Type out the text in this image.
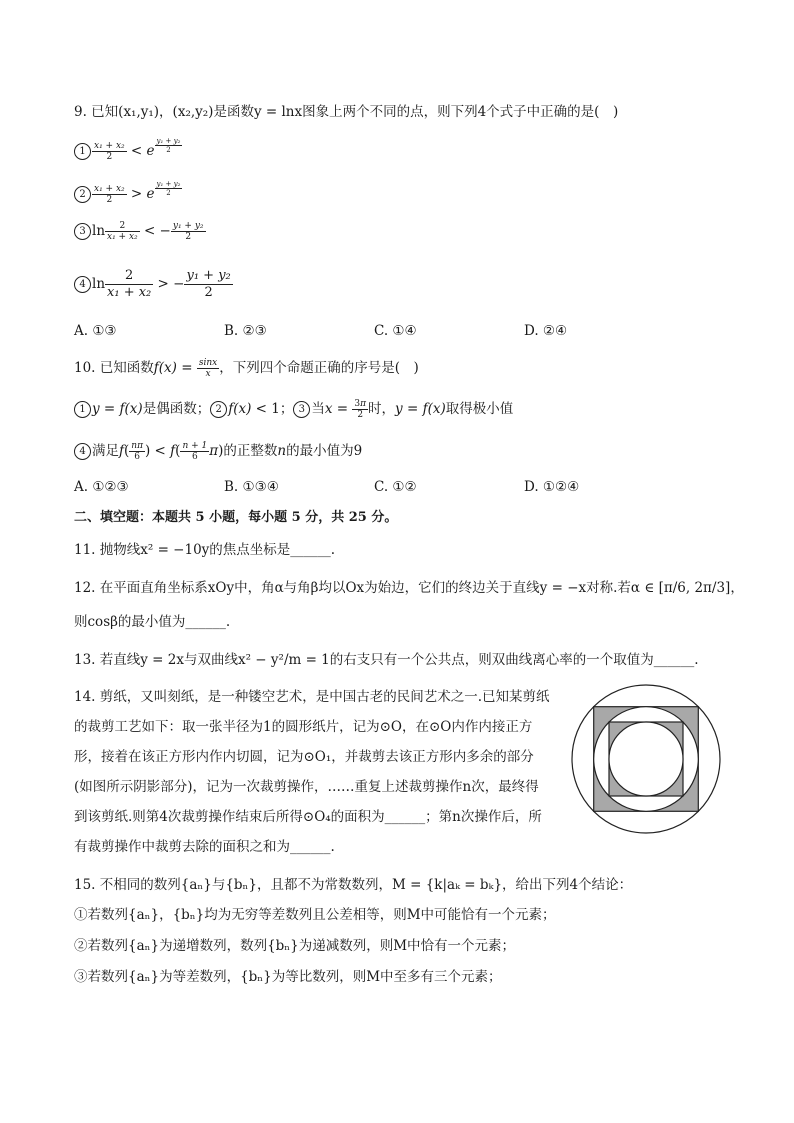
9. 已知(x₁,y₁)，(x₂,y₂)是函数y = lnx图象上两个不同的点，则下列4个式子中正确的是(　)
$1 \frac{\text{x₁ + x₂}}{2} < e$ $^{\frac{\text{y₁ + y₂}}{2}}$
$2 \frac{\text{x₁ + x₂}}{2} > e$ $^{\frac{\text{y₁ + y₂}}{2}}$
3 $\ln \frac{2}{\text{x₁ + x₂}}$ < − $\frac{\text{y₁ + y₂}}{2}$
4 $\ln \frac{2}{\text{x₁ + x₂}}$ > − $\frac{\text{y₁ + y₂}}{2}$
A. ①③	B. ②③	C. ①④	D. ②④
10. 已知函数$f(x) = \frac{\sin x}{x}$ ，下列四个命题正确的序号是(　)
1 y = f(x)是偶函数； 2 f(x) < 1； 3 当$x = \frac{3\pi}{2}$ 时，y = f(x)取得极小值
4 满足$f( \frac{n\pi}{6}$ ) < $f( \frac{n + 1}{6} \pi)$的正整数n的最小值为9
A. ①②③	B. ①③④	C. ①②	D. ①②④
二、填空题：本题共 5 小题，每小题 5 分，共 25 分。
11. 抛物线x² = −10y的焦点坐标是______.
12. 在平面直角坐标系xOy中，角α与角β均以Ox为始边，它们的终边关于直线y = −x对称.若α ∈ [π/6, 2π/3]，
则cosβ的最小值为______.
13. 若直线y = 2x与双曲线x² − y²/m = 1的右支只有一个公共点，则双曲线离心率的一个取值为______.
14. 剪纸，又叫刻纸，是一种镂空艺术，是中国古老的民间艺术之一.已知某剪纸的裁剪工艺如下：取一张半径为1的圆形纸片，记为⊙O，在⊙O内作内接正方形，接着在该正方形内作内切圆，记为⊙O₁，并裁剪去该正方形内多余的部分(如图所示阴影部分)，记为一次裁剪操作，……重复上述裁剪操作n次，最终得到该剪纸.则第4次裁剪操作结束后所得⊙O₄的面积为______；第n次操作后，所有裁剪操作中裁剪去除的面积之和为______.
15. 不相同的数列{aₙ}与{bₙ}，且都不为常数数列，M = {k|aₖ = bₖ}，给出下列4个结论：
①若数列{aₙ}，{bₙ}均为无穷等差数列且公差相等，则M中可能恰有一个元素；
②若数列{aₙ}为递增数列，数列{bₙ}为递减数列，则M中恰有一个元素；
③若数列{aₙ}为等差数列，{bₙ}为等比数列，则M中至多有三个元素；
